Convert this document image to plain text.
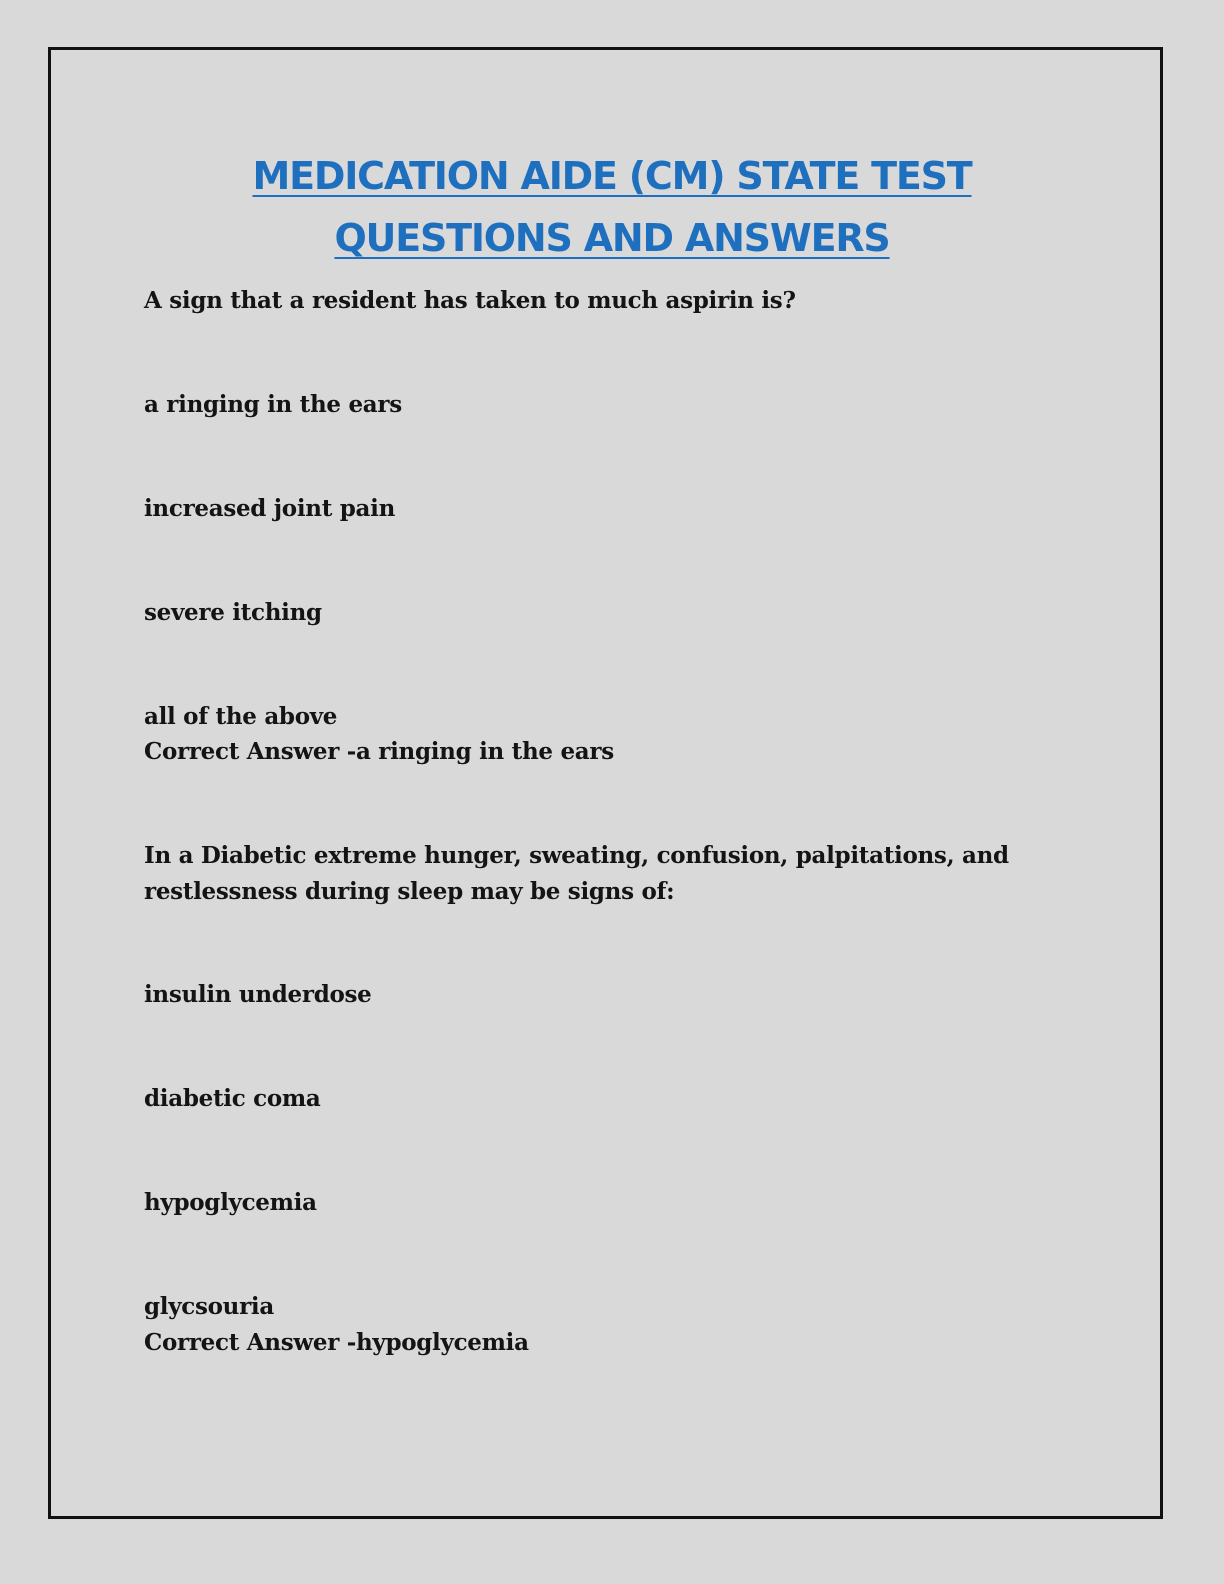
MEDICATION AIDE (CM) STATE TEST
QUESTIONS AND ANSWERS
A sign that a resident has taken to much aspirin is?
a ringing in the ears
increased joint pain
severe itching
all of the above
Correct Answer -a ringing in the ears
In a Diabetic extreme hunger, sweating, confusion, palpitations, and
restlessness during sleep may be signs of:
insulin underdose
diabetic coma
hypoglycemia
glycsouria
Correct Answer -hypoglycemia
